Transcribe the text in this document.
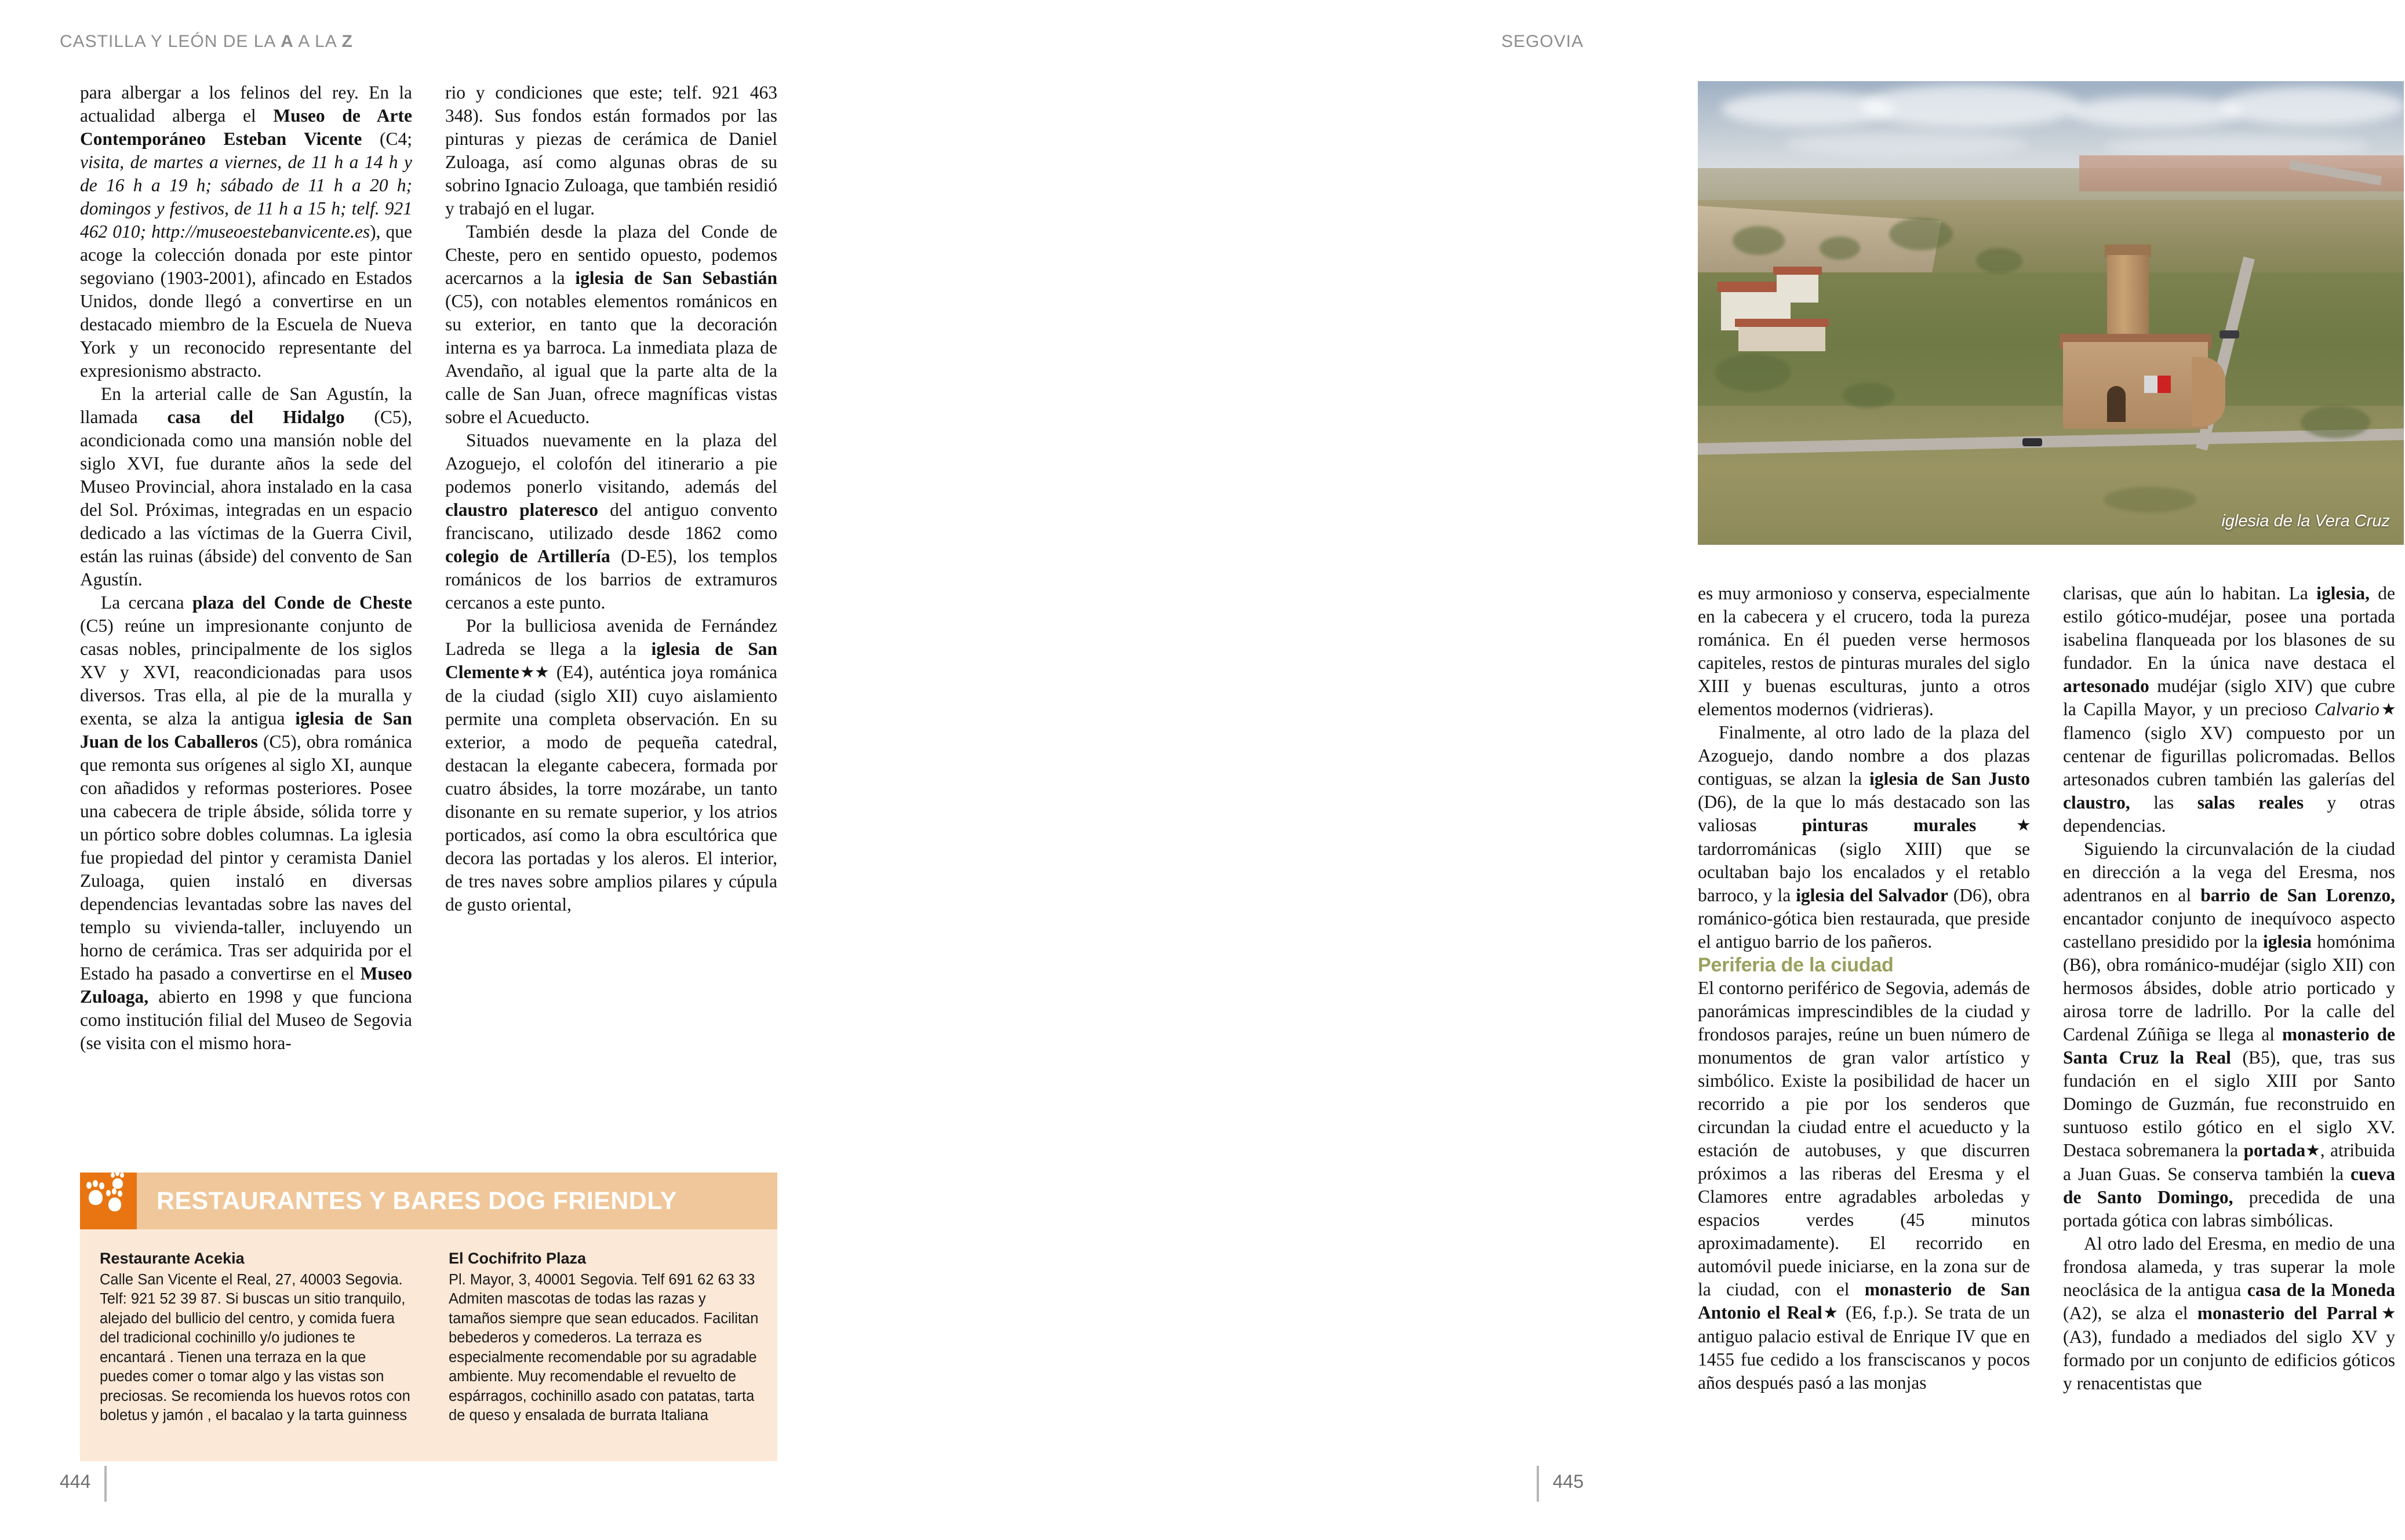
CASTILLA Y LEÓN DE LA A A LA Z

para albergar a los felinos del rey. En la actualidad alberga el Museo de Arte Contemporáneo Esteban Vicente (C4; visita, de martes a viernes, de 11 h a 14 h y de 16 h a 19 h; sábado de 11 h a 20 h; domingos y festivos, de 11 h a 15 h; telf. 921 462 010; http://museoestebanvicente.es), que acoge la colección donada por este pintor segoviano (1903-2001), afincado en Estados Unidos, donde llegó a convertirse en un destacado miembro de la Escuela de Nueva York y un reconocido representante del expresionismo abstracto.

En la arterial calle de San Agustín, la llamada casa del Hidalgo (C5), acondicionada como una mansión noble del siglo XVI, fue durante años la sede del Museo Provincial, ahora instalado en la casa del Sol. Próximas, integradas en un espacio dedicado a las víctimas de la Guerra Civil, están las ruinas (ábside) del convento de San Agustín.

La cercana plaza del Conde de Cheste (C5) reúne un impresionante conjunto de casas nobles, principalmente de los siglos XV y XVI, reacondicionadas para usos diversos. Tras ella, al pie de la muralla y exenta, se alza la antigua iglesia de San Juan de los Caballeros (C5), obra románica que remonta sus orígenes al siglo XI, aunque con añadidos y reformas posteriores. Posee una cabecera de triple ábside, sólida torre y un pórtico sobre dobles columnas. La iglesia fue propiedad del pintor y ceramista Daniel Zuloaga, quien instaló en diversas dependencias levantadas sobre las naves del templo su vivienda-taller, incluyendo un horno de cerámica. Tras ser adquirida por el Estado ha pasado a convertirse en el Museo Zuloaga, abierto en 1998 y que funciona como institución filial del Museo de Segovia (se visita con el mismo hora-

rio y condiciones que este; telf. 921 463 348). Sus fondos están formados por las pinturas y piezas de cerámica de Daniel Zuloaga, así como algunas obras de su sobrino Ignacio Zuloaga, que también residió y trabajó en el lugar.

También desde la plaza del Conde de Cheste, pero en sentido opuesto, podemos acercarnos a la iglesia de San Sebastián (C5), con notables elementos románicos en su exterior, en tanto que la decoración interna es ya barroca. La inmediata plaza de Avendaño, al igual que la parte alta de la calle de San Juan, ofrece magníficas vistas sobre el Acueducto.

Situados nuevamente en la plaza del Azoguejo, el colofón del itinerario a pie podemos ponerlo visitando, además del claustro plateresco del antiguo convento franciscano, utilizado desde 1862 como colegio de Artillería (D-E5), los templos románicos de los barrios de extramuros cercanos a este punto.

Por la bulliciosa avenida de Fernández Ladreda se llega a la iglesia de San Clemente★★ (E4), auténtica joya románica de la ciudad (siglo XII) cuyo aislamiento permite una completa observación. En su exterior, a modo de pequeña catedral, destacan la elegante cabecera, formada por cuatro ábsides, la torre mozárabe, un tanto disonante en su remate superior, y los atrios porticados, así como la obra escultórica que decora las portadas y los aleros. El interior, de tres naves sobre amplios pilares y cúpula de gusto oriental,

RESTAURANTES Y BARES DOG FRIENDLY
Restaurante Acekia
Calle San Vicente el Real, 27, 40003 Segovia. Telf: 921 52 39 87. Si buscas un sitio tranquilo, alejado del bullicio del centro, y comida fuera del tradicional cochinillo y/o judiones te encantará . Tienen una terraza en la que puedes comer o tomar algo y las vistas son preciosas. Se recomienda los huevos rotos con boletus y jamón , el bacalao y la tarta guinness
El Cochifrito Plaza
Pl. Mayor, 3, 40001 Segovia. Telf 691 62 63 33 Admiten mascotas de todas las razas y tamaños siempre que sean educados. Facilitan bebederos y comederos. La terraza es especialmente recomendable por su agradable ambiente. Muy recomendable el revuelto de espárragos, cochinillo asado con patatas, tarta de queso y ensalada de burrata Italiana
444
SEGOVIA
iglesia de la Vera Cruz

es muy armonioso y conserva, especialmente en la cabecera y el crucero, toda la pureza románica. En él pueden verse hermosos capiteles, restos de pinturas murales del siglo XIII y buenas esculturas, junto a otros elementos modernos (vidrieras).

Finalmente, al otro lado de la plaza del Azoguejo, dando nombre a dos plazas contiguas, se alzan la iglesia de San Justo (D6), de la que lo más destacado son las valiosas pinturas murales★ tardorrománicas (siglo XIII) que se ocultaban bajo los encalados y el retablo barroco, y la iglesia del Salvador (D6), obra románico-gótica bien restaurada, que preside el antiguo barrio de los pañeros.

Periferia de la ciudad

El contorno periférico de Segovia, además de panorámicas imprescindibles de la ciudad y frondosos parajes, reúne un buen número de monumentos de gran valor artístico y simbólico. Existe la posibilidad de hacer un recorrido a pie por los senderos que circundan la ciudad entre el acueducto y la estación de autobuses, y que discurren próximos a las riberas del Eresma y el Clamores entre agradables arboledas y espacios verdes (45 minutos aproximadamente). El recorrido en automóvil puede iniciarse, en la zona sur de la ciudad, con el monasterio de San Antonio el Real★ (E6, f.p.). Se trata de un antiguo palacio estival de Enrique IV que en 1455 fue cedido a los fransciscanos y pocos años después pasó a las monjas

clarisas, que aún lo habitan. La iglesia, de estilo gótico-mudéjar, posee una portada isabelina flanqueada por los blasones de su fundador. En la única nave destaca el artesonado mudéjar (siglo XIV) que cubre la Capilla Mayor, y un precioso Calvario★ flamenco (siglo XV) compuesto por un centenar de figurillas policromadas. Bellos artesonados cubren también las galerías del claustro, las salas reales y otras dependencias.

Siguiendo la circunvalación de la ciudad en dirección a la vega del Eresma, nos adentranos en al barrio de San Lorenzo, encantador conjunto de inequívoco aspecto castellano presidido por la iglesia homónima (B6), obra románico-mudéjar (siglo XII) con hermosos ábsides, doble atrio porticado y airosa torre de ladrillo. Por la calle del Cardenal Zúñiga se llega al monasterio de Santa Cruz la Real (B5), que, tras sus fundación en el siglo XIII por Santo Domingo de Guzmán, fue reconstruido en suntuoso estilo gótico en el siglo XV. Destaca sobremanera la portada★, atribuida a Juan Guas. Se conserva también la cueva de Santo Domingo, precedida de una portada gótica con labras simbólicas.

Al otro lado del Eresma, en medio de una frondosa alameda, y tras superar la mole neoclásica de la antigua casa de la Moneda (A2), se alza el monasterio del Parral★ (A3), fundado a mediados del siglo XV y formado por un conjunto de edificios góticos y renacentistas que

445
